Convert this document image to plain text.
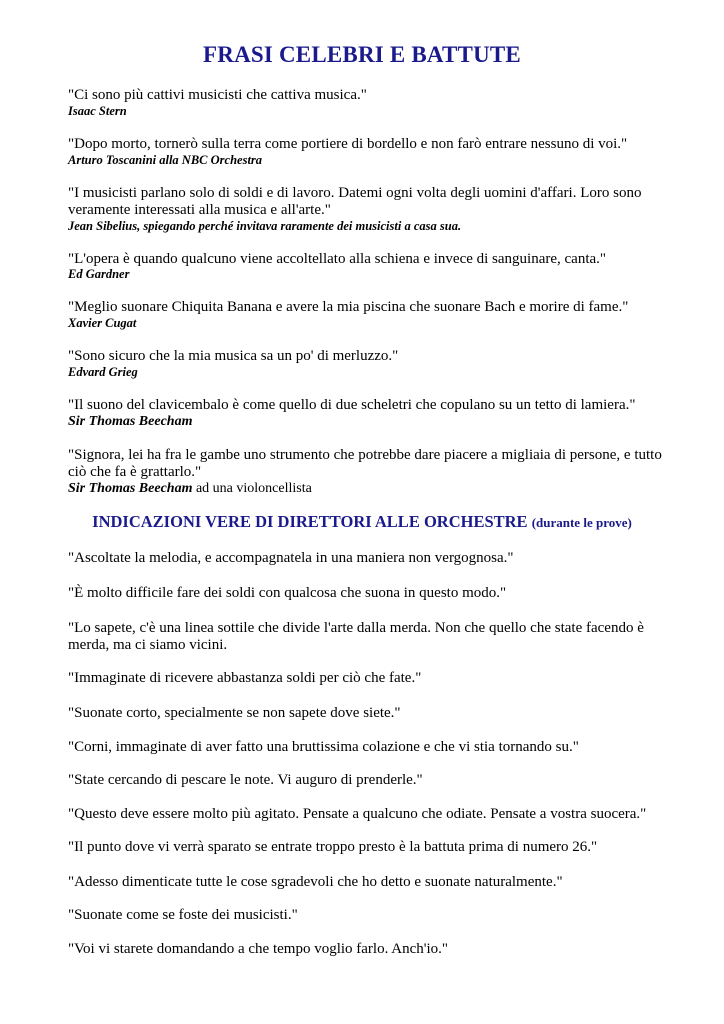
FRASI CELEBRI E BATTUTE
"Ci sono più cattivi musicisti che cattiva musica."
Isaac Stern
"Dopo morto, tornerò sulla terra come portiere di bordello e non farò entrare nessuno di voi."
Arturo Toscanini alla NBC Orchestra
"I musicisti parlano solo di soldi e di lavoro. Datemi ogni volta degli uomini d'affari. Loro sono
veramente interessati alla musica e all'arte."
Jean Sibelius, spiegando perché invitava raramente dei musicisti a casa sua.
"L'opera è quando qualcuno viene accoltellato alla schiena e invece di sanguinare, canta."
Ed Gardner
"Meglio suonare Chiquita Banana e avere la mia piscina che suonare Bach e morire di fame."
Xavier Cugat
"Sono sicuro che la mia musica sa un po' di merluzzo."
Edvard Grieg
"Il suono del clavicembalo è come quello di due scheletri che copulano su un tetto di lamiera."
Sir Thomas Beecham
"Signora, lei ha fra le gambe uno strumento che potrebbe dare piacere a migliaia di persone, e tutto
ciò che fa è grattarlo."
Sir Thomas Beecham ad una violoncellista
INDICAZIONI VERE DI DIRETTORI ALLE ORCHESTRE (durante le prove)
"Ascoltate la melodia, e accompagnatela in una maniera non vergognosa."
"È molto difficile fare dei soldi con qualcosa che suona in questo modo."
"Lo sapete, c'è una linea sottile che divide l'arte dalla merda. Non che quello che state facendo è
merda, ma ci siamo vicini.
"Immaginate di ricevere abbastanza soldi per ciò che fate."
"Suonate corto, specialmente se non sapete dove siete."
"Corni, immaginate di aver fatto una bruttissima colazione e che vi stia tornando su."
"State cercando di pescare le note. Vi auguro di prenderle."
"Questo deve essere molto più agitato. Pensate a qualcuno che odiate. Pensate a vostra suocera."
"Il punto dove vi verrà sparato se entrate troppo presto è la battuta prima di numero 26."
"Adesso dimenticate tutte le cose sgradevoli che ho detto e suonate naturalmente."
"Suonate come se foste dei musicisti."
"Voi vi starete domandando a che tempo voglio farlo. Anch'io."
